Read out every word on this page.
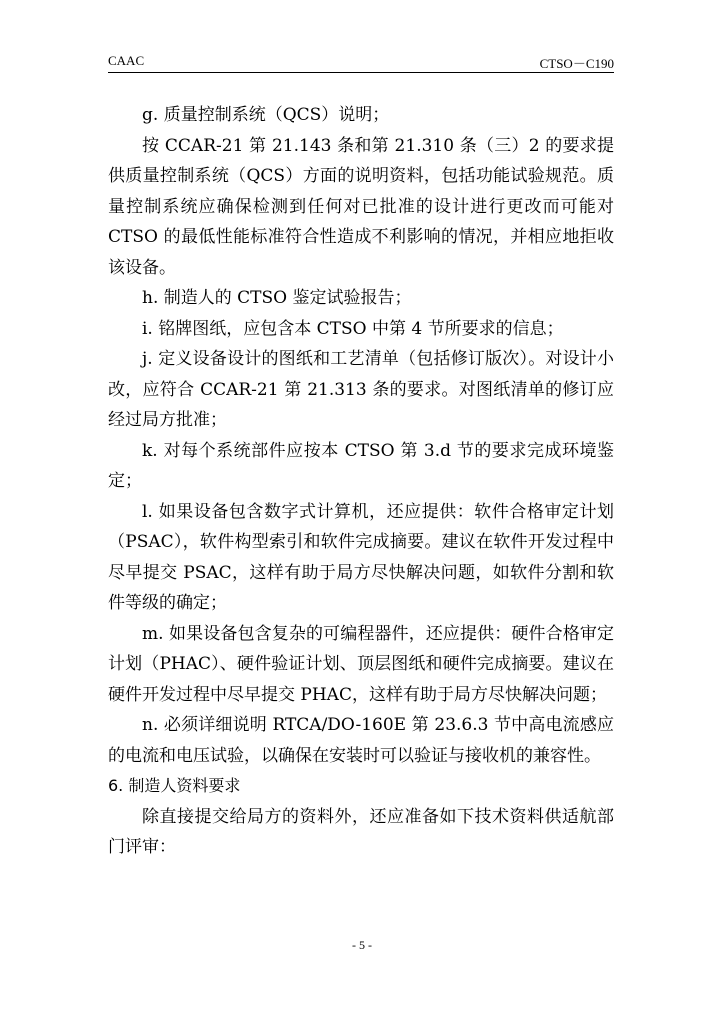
CAAC	CTSO－C190

g. 质量控制系统（QCS）说明；

按 CCAR-21 第 21.143 条和第 21.310 条（三）2 的要求提供质量控制系统（QCS）方面的说明资料，包括功能试验规范。质量控制系统应确保检测到任何对已批准的设计进行更改而可能对 CTSO 的最低性能标准符合性造成不利影响的情况，并相应地拒收该设备。

h. 制造人的 CTSO 鉴定试验报告；

i. 铭牌图纸，应包含本 CTSO 中第 4 节所要求的信息；

j. 定义设备设计的图纸和工艺清单（包括修订版次）。对设计小改，应符合 CCAR-21 第 21.313 条的要求。对图纸清单的修订应经过局方批准；

k. 对每个系统部件应按本 CTSO 第 3.d 节的要求完成环境鉴定；

l. 如果设备包含数字式计算机，还应提供：软件合格审定计划（PSAC），软件构型索引和软件完成摘要。建议在软件开发过程中尽早提交 PSAC，这样有助于局方尽快解决问题，如软件分割和软件等级的确定；

m. 如果设备包含复杂的可编程器件，还应提供：硬件合格审定计划（PHAC）、硬件验证计划、顶层图纸和硬件完成摘要。建议在硬件开发过程中尽早提交 PHAC，这样有助于局方尽快解决问题；

n. 必须详细说明 RTCA/DO-160E 第 23.6.3 节中高电流感应的电流和电压试验，以确保在安装时可以验证与接收机的兼容性。

6. 制造人资料要求

除直接提交给局方的资料外，还应准备如下技术资料供适航部门评审：

- 5 -
